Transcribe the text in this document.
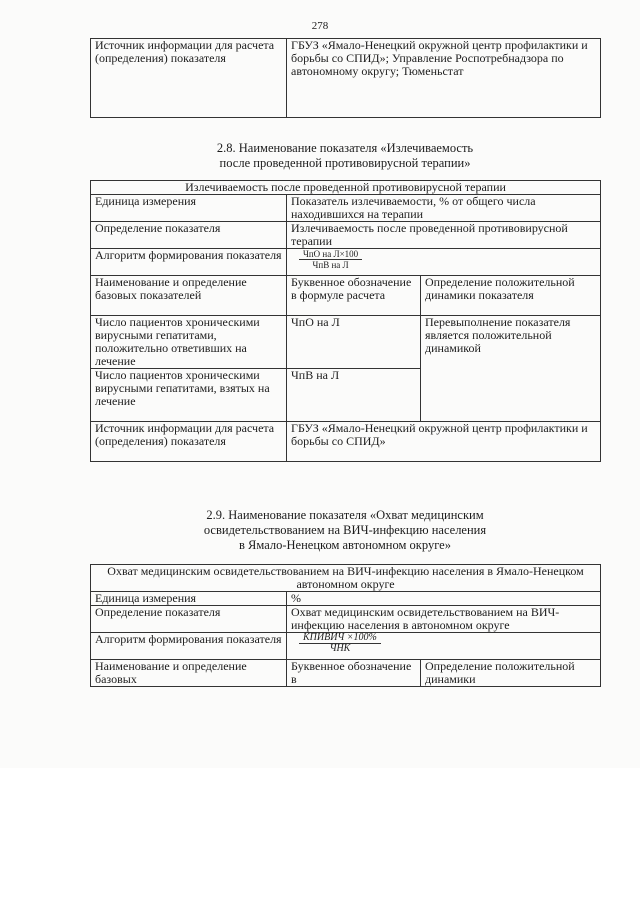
278
Источник информации для расчета (определения) показателя	ГБУЗ «Ямало-Ненецкий окружной центр профилактики и борьбы со СПИД»; Управление Роспотребнадзора по автономному округу; Тюменьстат
2.8. Наименование показателя «Излечиваемость
после проведенной противовирусной терапии»
Излечиваемость после проведенной противовирусной терапии		
Единица измерения	Показатель излечиваемости, % от общего числа находившихся на терапии	
Определение показателя	Излечиваемость после проведенной противовирусной терапии	
Алгоритм формирования показателя	$\frac{\text{ЧпО на Л×100}}{\text{ЧпВ на Л}}$

Наименование и определение базовых показателей	Буквенное обозначение в формуле расчета	Определение положительной динамики показателя
Число пациентов хроническими вирусными гепатитами, положительно ответивших на лечение	ЧпО на Л	Перевыполнение показателя является положительной динамикой
Число пациентов хроническими вирусными гепатитами, взятых на лечение	ЧпВ на Л	
Источник информации для расчета (определения) показателя	ГБУЗ «Ямало-Ненецкий окружной центр профилактики и борьбы со СПИД»	
2.9. Наименование показателя «Охват медицинским
освидетельствованием на ВИЧ-инфекцию населения
в Ямало-Ненецком автономном округе»
Охват медицинским освидетельствованием на ВИЧ-инфекцию населения в Ямало-Ненецком автономном округе		
Единица измерения	%	
Определение показателя	Охват медицинским освидетельствованием на ВИЧ-инфекцию населения в автономном округе	
Алгоритм формирования показателя	$\frac{\text{КПИВИЧ ×100\%}}{\text{ЧНК}}$

Наименование и определение базовых	Буквенное обозначение в	Определение положительной динамики
